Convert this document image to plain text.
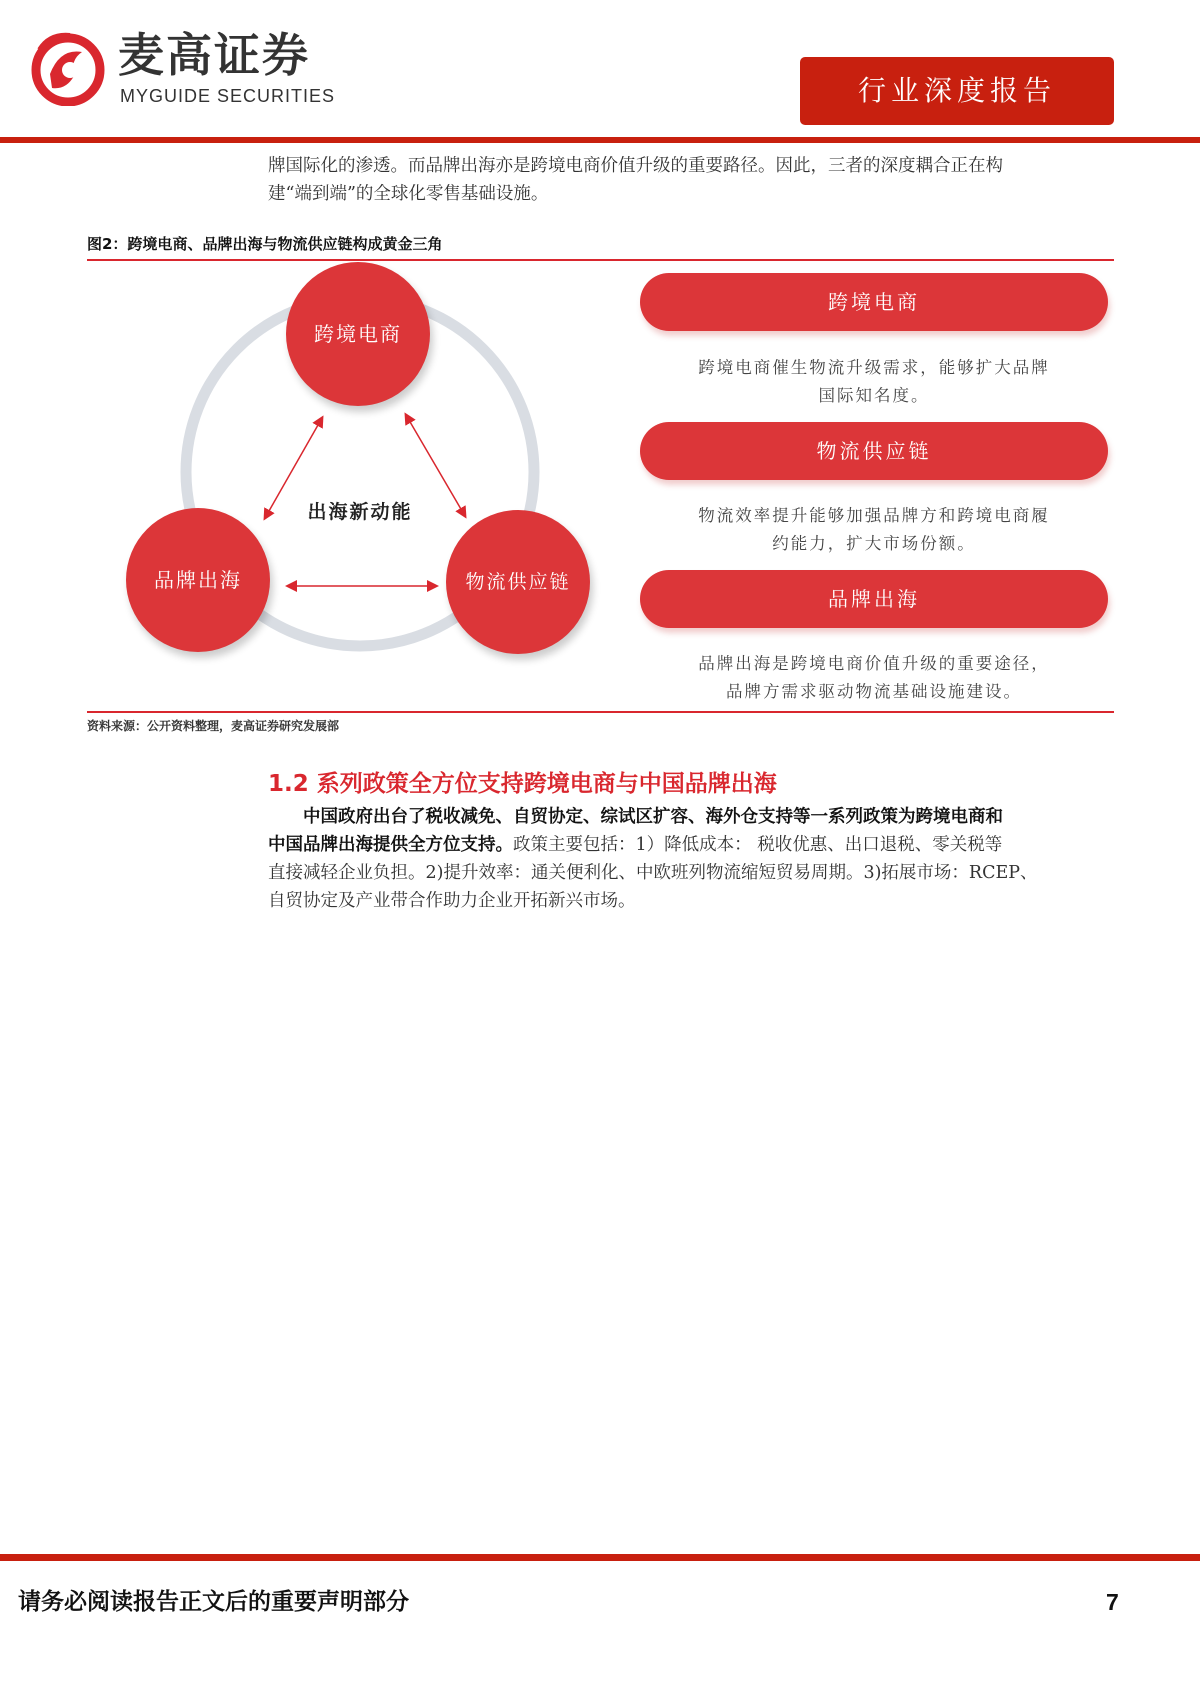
麦高证券
MYGUIDE SECURITIES	行业深度报告
牌国际化的渗透。而品牌出海亦是跨境电商价值升级的重要路径。因此，三者的深度耦合正在构
建“端到端”的全球化零售基础设施。
图2：跨境电商、品牌出海与物流供应链构成黄金三角
出海新动能
跨境电商
品牌出海	物流供应链
跨境电商
跨境电商催生物流升级需求，能够扩大品牌
国际知名度。
物流供应链
物流效率提升能够加强品牌方和跨境电商履
约能力，扩大市场份额。
品牌出海
品牌出海是跨境电商价值升级的重要途径，
品牌方需求驱动物流基础设施建设。
资料来源：公开资料整理，麦高证券研究发展部
1.2 系列政策全方位支持跨境电商与中国品牌出海
中国政府出台了税收减免、自贸协定、综试区扩容、海外仓支持等一系列政策为跨境电商和
中国品牌出海提供全方位支持。政策主要包括：1）降低成本： 税收优惠、出口退税、零关税等
直接减轻企业负担。2)提升效率：通关便利化、中欧班列物流缩短贸易周期。3)拓展市场：RCEP、
自贸协定及产业带合作助力企业开拓新兴市场。
请务必阅读报告正文后的重要声明部分	7
